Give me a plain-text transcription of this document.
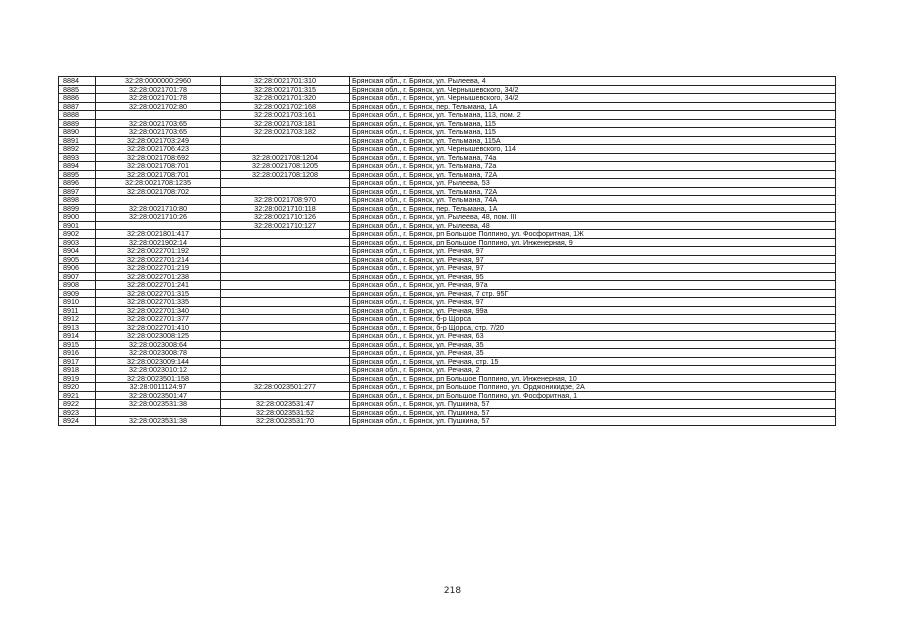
8884	32:28:0000000:2960	32:28:0021701:310	Брянская обл., г. Брянск, ул. Рылеева, 4
8885	32:28:0021701:78	32:28:0021701:315	Брянская обл., г. Брянск, ул. Чернышевского, 34/2
8886	32:28:0021701:78	32:28:0021701:320	Брянская обл., г. Брянск, ул. Чернышевского, 34/2
8887	32:28:0021702:80	32:28:0021702:168	Брянская обл., г. Брянск, пер. Тельмана, 1А
8888		32:28:0021703:161	Брянская обл., г. Брянск, ул. Тельмана, 113, пом. 2
8889	32:28:0021703:65	32:28:0021703:181	Брянская обл., г. Брянск, ул. Тельмана, 115
8890	32:28:0021703:65	32:28:0021703:182	Брянская обл., г. Брянск, ул. Тельмана, 115
8891	32:28:0021703:249		Брянская обл., г. Брянск, ул. Тельмана, 115А
8892	32:28:0021706:423		Брянская обл., г. Брянск, ул. Чернышевского, 114
8893	32:28:0021708:692	32:28:0021708:1204	Брянская обл., г. Брянск, ул. Тельмана, 74а
8894	32:28:0021708:701	32:28:0021708:1205	Брянская обл., г. Брянск, ул. Тельмана, 72а
8895	32:28:0021708:701	32:28:0021708:1208	Брянская обл., г. Брянск, ул. Тельмана, 72А
8896	32:28:0021708:1235		Брянская обл., г. Брянск, ул. Рылеева, 53
8897	32:28:0021708:702		Брянская обл., г. Брянск, ул. Тельмана, 72А
8898		32:28:0021708:970	Брянская обл., г. Брянск, ул. Тельмана, 74А
8899	32:28:0021710:80	32:28:0021710:118	Брянская обл., г. Брянск, пер. Тельмана, 1А
8900	32:28:0021710:26	32:28:0021710:126	Брянская обл., г. Брянск, ул. Рылеева, 48, пом. III
8901		32:28:0021710:127	Брянская обл., г. Брянск, ул. Рылеева, 48
8902	32:28:0021801:417		Брянская обл., г. Брянск, рп Большое Полпино, ул. Фосфоритная, 1Ж
8903	32:28:0021902:14		Брянская обл., г. Брянск, рп Большое Полпино, ул. Инженерная, 9
8904	32:28:0022701:192		Брянская обл., г. Брянск, ул. Речная, 97
8905	32:28:0022701:214		Брянская обл., г. Брянск, ул. Речная, 97
8906	32:28:0022701:219		Брянская обл., г. Брянск, ул. Речная, 97
8907	32:28:0022701:238		Брянская обл., г. Брянск, ул. Речная, 95
8908	32:28:0022701:241		Брянская обл., г. Брянск, ул. Речная, 97а
8909	32:28:0022701:315		Брянская обл., г. Брянск, ул. Речная, 7 стр. 95Г
8910	32:28:0022701:335		Брянская обл., г. Брянск, ул. Речная, 97
8911	32:28:0022701:340		Брянская обл., г. Брянск, ул. Речная, 99а
8912	32:28:0022701:377		Брянская обл., г. Брянск, б-р Щорса
8913	32:28:0022701:410		Брянская обл., г. Брянск, б-р Щорса, стр. 7/20
8914	32:28:0023008:125		Брянская обл., г. Брянск, ул. Речная, 63
8915	32:28:0023008:64		Брянская обл., г. Брянск, ул. Речная, 35
8916	32:28:0023008:78		Брянская обл., г. Брянск, ул. Речная, 35
8917	32:28:0023009:144		Брянская обл., г. Брянск, ул. Речная, стр. 15
8918	32:28:0023010:12		Брянская обл., г. Брянск, ул. Речная, 2
8919	32:28:0023501:158		Брянская обл., г. Брянск, рп Большое Полпино, ул. Инженерная, 10
8920	32:28:0011124:97	32:28:0023501:277	Брянская обл., г. Брянск, рп Большое Полпино, ул. Орджоникидзе, 2А
8921	32:28:0023501:47		Брянская обл., г. Брянск, рп Большое Полпино, ул. Фосфоритная, 1
8922	32:28:0023531:38	32:28:0023531:47	Брянская обл., г. Брянск, ул. Пушкина, 57
8923		32:28:0023531:52	Брянская обл., г. Брянск, ул. Пушкина, 57
8924	32:28:0023531:38	32:28:0023531:70	Брянская обл., г. Брянск, ул. Пушкина, 57
218
